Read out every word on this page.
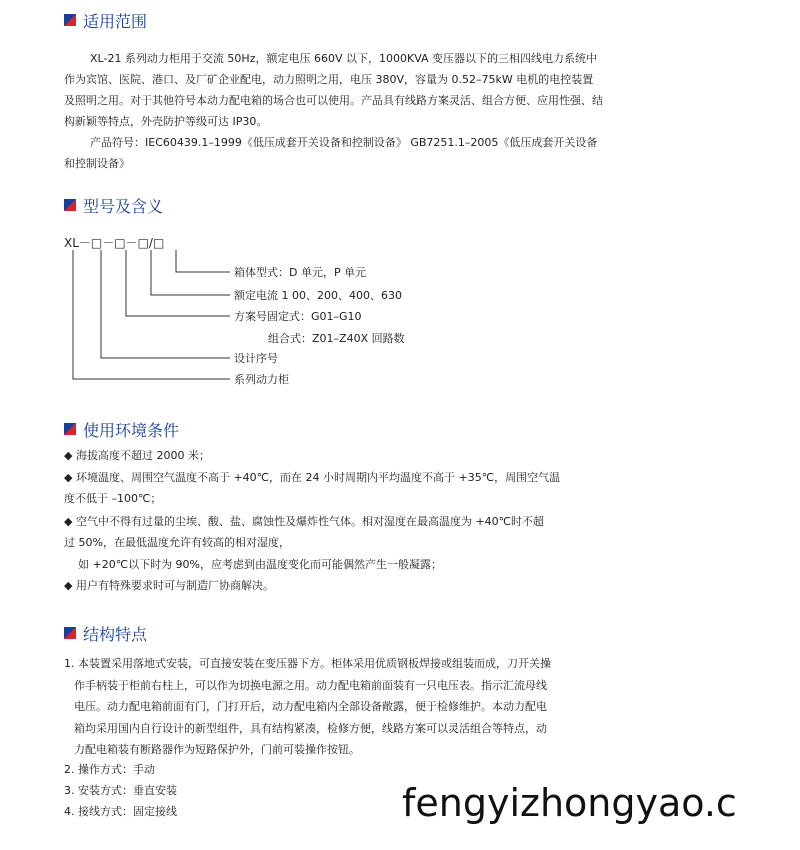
适用范围

XL-21 系列动力柜用于交流 50Hz，额定电压 660V 以下，1000KVA 变压器以下的三相四线电力系统中作为宾馆、医院、港口、及厂矿企业配电，动力照明之用，电压 380V，容量为 0.52–75kW 电机的电控装置及照明之用。对于其他符号本动力配电箱的场合也可以使用。产品具有线路方案灵活、组合方便、应用性强、结构新颖等特点，外壳防护等级可达 IP30。

产品符号：IEC60439.1–1999《低压成套开关设备和控制设备》 GB7251.1–2005《低压成套开关设备和控制设备》

型号及含义
XL－□－□－□/□
箱体型式：D 单元，P 单元
额定电流 1 00、200、400、630
方案号固定式：G01–G10
组合式：Z01–Z40X 回路数
设计序号
系列动力柜
使用环境条件
◆ 海拔高度不超过 2000 米；
◆ 环境温度、周围空气温度不高于 +40℃，而在 24 小时周期内平均温度不高于 +35℃，周围空气温
度不低于 –100℃；
◆ 空气中不得有过量的尘埃、酸、盐、腐蚀性及爆炸性气体。相对湿度在最高温度为 +40℃时不超
过 50%，在最低温度允许有较高的相对湿度，
如 +20℃以下时为 90%，应考虑到由温度变化而可能偶然产生一般凝露；
◆ 用户有特殊要求时可与制造厂协商解决。
结构特点
1. 本装置采用落地式安装，可直接安装在变压器下方。柜体采用优质钢板焊接或组装而成，刀开关操
作手柄装于柜前右柱上，可以作为切换电源之用。动力配电箱前面装有一只电压表。指示汇流母线
电压。动力配电箱前面有门，门打开后，动力配电箱内全部设备敞露，便于检修维护。本动力配电
箱均采用国内自行设计的新型组件，具有结构紧凑，检修方便，线路方案可以灵活组合等特点，动
力配电箱装有断路器作为短路保护外，门前可装操作按钮。
2. 操作方式：手动
3. 安装方式：垂直安装
4. 接线方式：固定接线	fengyizhongyao.c
